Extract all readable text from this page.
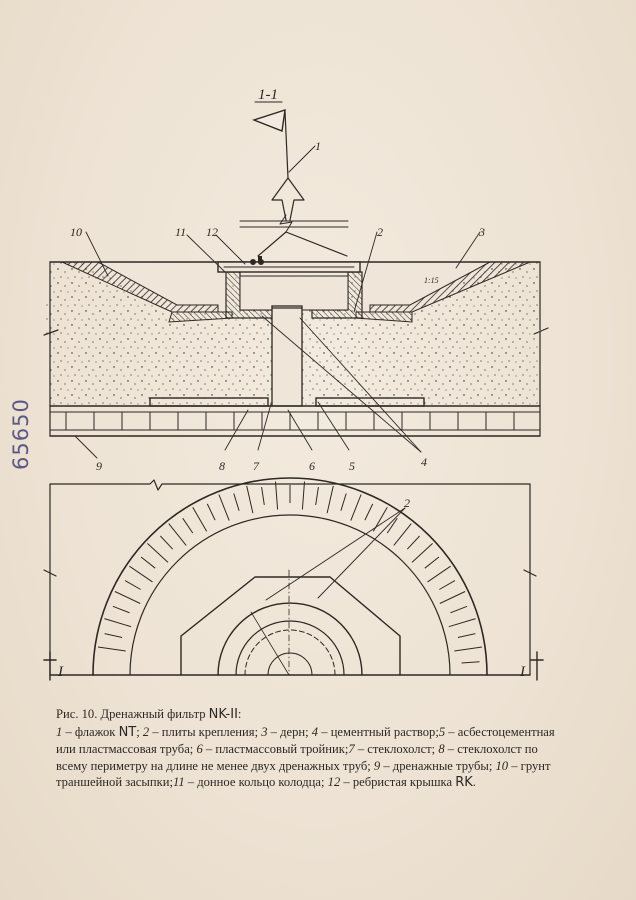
1-1
1:15
1
10	11 12	2	3
9	8 7	6	5	4
I	I
2
65650
Рис. 10. Дренажный фильтр NK-II:
1 – флажок NT; 2 – плиты крепления; 3 – дерн; 4 – цементный раствор;5 – асбестоцементная или пластмассовая труба; 6 – пластмассовый тройник;7 – стеклохолст; 8 – стеклохолст по всему периметру на длине не менее двух дренажных труб; 9 – дренажные трубы; 10 – грунт траншейной засыпки;11 – донное кольцо колодца; 12 – ребристая крышка RK.
